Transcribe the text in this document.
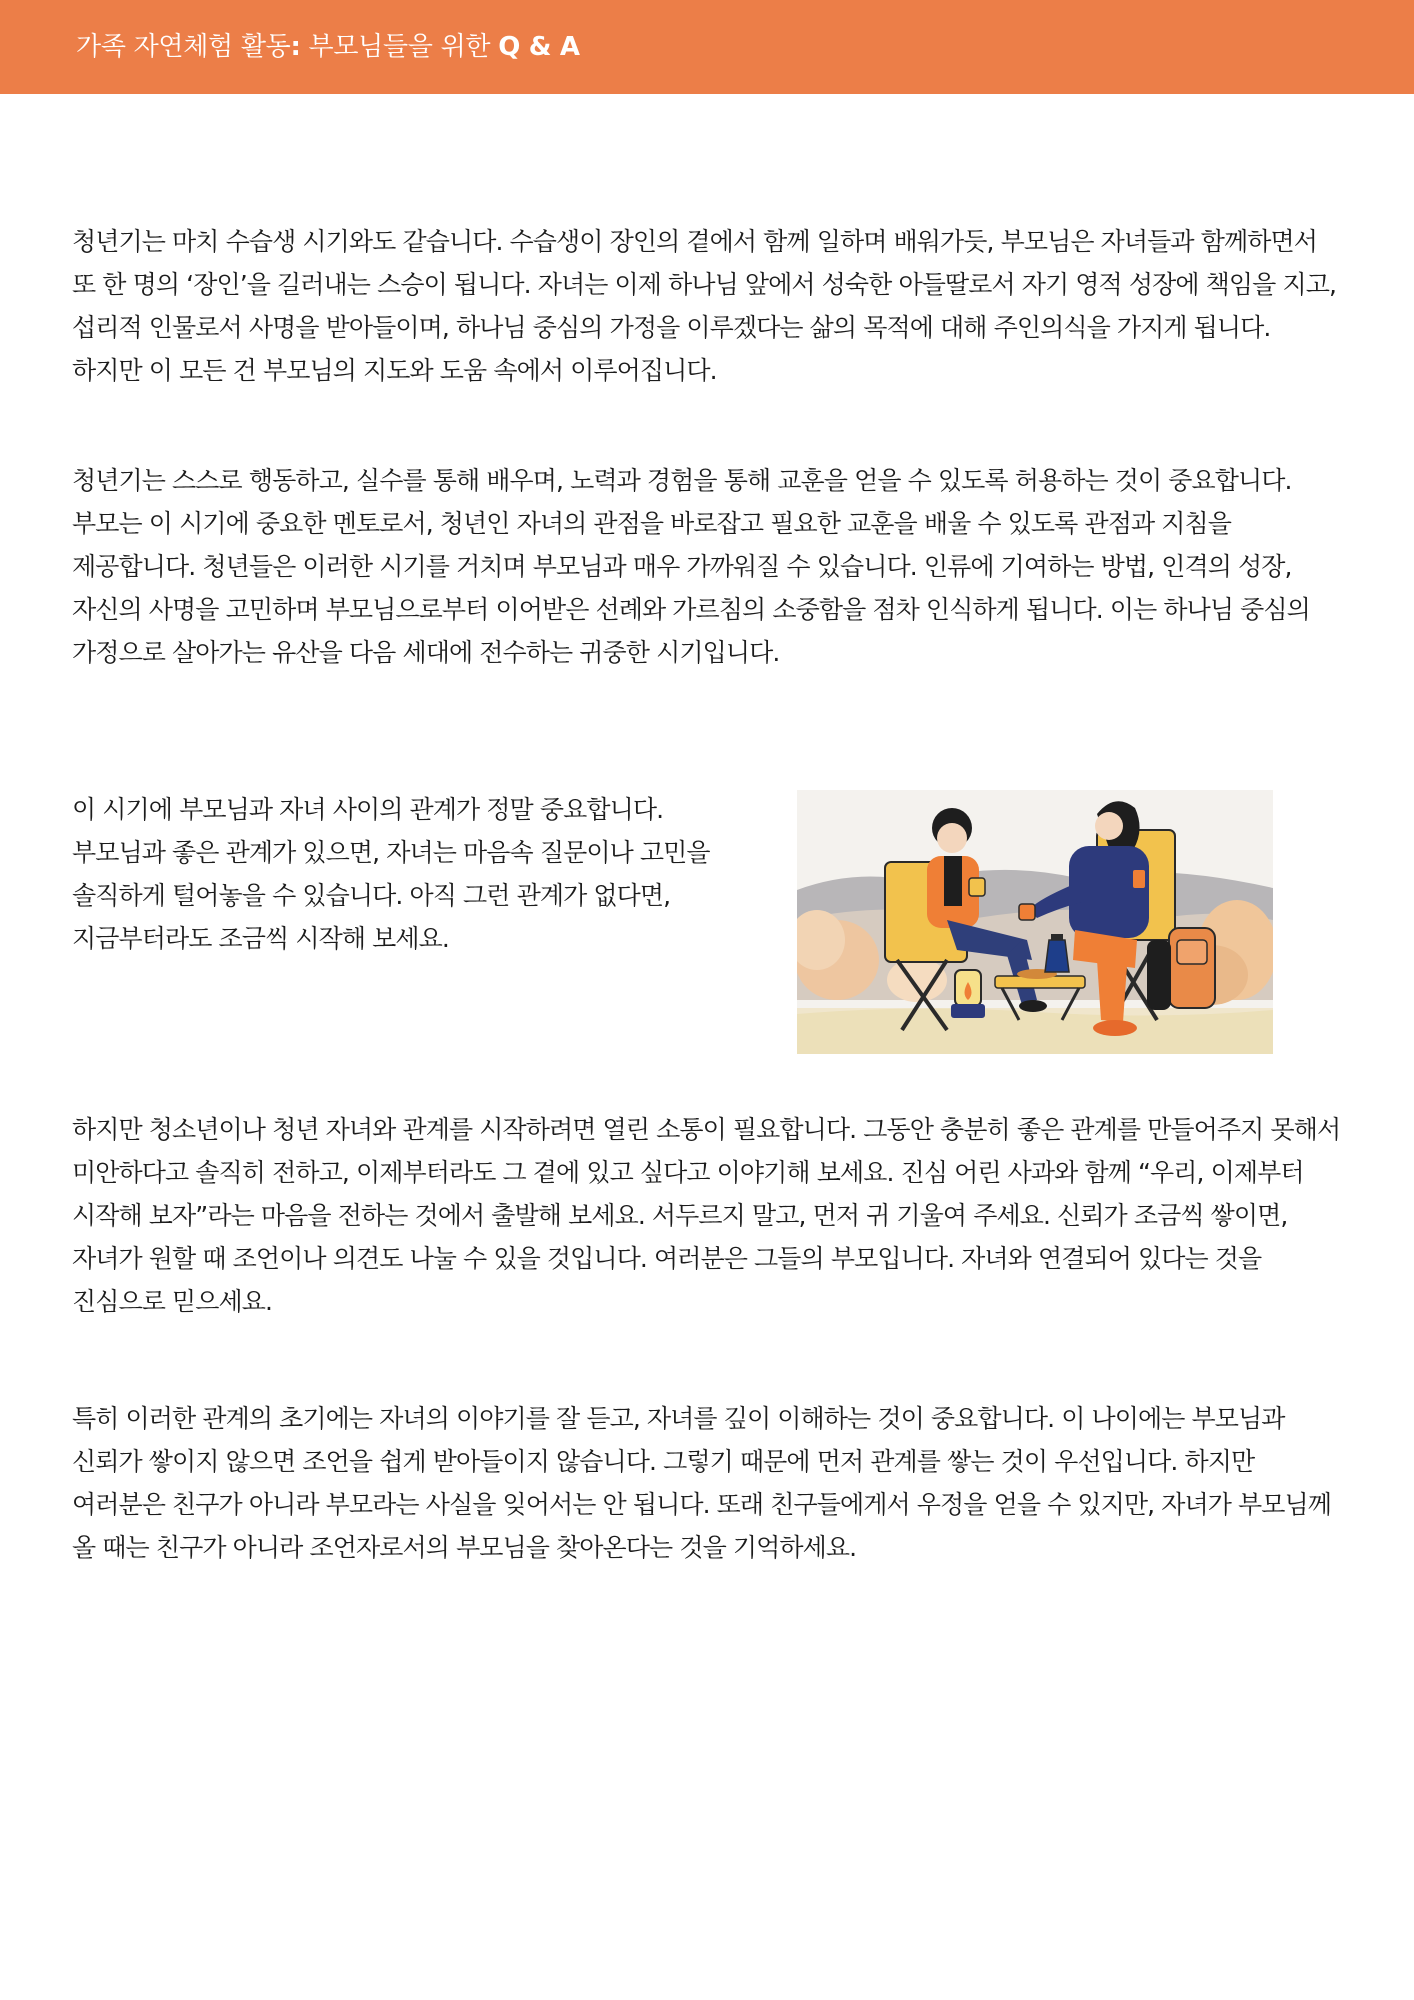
가족 자연체험 활동: 부모님들을 위한 Q & A

청년기는 마치 수습생 시기와도 같습니다. 수습생이 장인의 곁에서 함께 일하며 배워가듯, 부모님은 자녀들과 함께하면서 또 한 명의 ‘장인’을 길러내는 스승이 됩니다. 자녀는 이제 하나님 앞에서 성숙한 아들딸로서 자기 영적 성장에 책임을 지고, 섭리적 인물로서 사명을 받아들이며, 하나님 중심의 가정을 이루겠다는 삶의 목적에 대해 주인의식을 가지게 됩니다. 하지만 이 모든 건 부모님의 지도와 도움 속에서 이루어집니다.

청년기는 스스로 행동하고, 실수를 통해 배우며, 노력과 경험을 통해 교훈을 얻을 수 있도록 허용하는 것이 중요합니다. 부모는 이 시기에 중요한 멘토로서, 청년인 자녀의 관점을 바로잡고 필요한 교훈을 배울 수 있도록 관점과 지침을 제공합니다. 청년들은 이러한 시기를 거치며 부모님과 매우 가까워질 수 있습니다. 인류에 기여하는 방법, 인격의 성장, 자신의 사명을 고민하며 부모님으로부터 이어받은 선례와 가르침의 소중함을 점차 인식하게 됩니다. 이는 하나님 중심의 가정으로 살아가는 유산을 다음 세대에 전수하는 귀중한 시기입니다.

이 시기에 부모님과 자녀 사이의 관계가 정말 중요합니다. 부모님과 좋은 관계가 있으면, 자녀는 마음속 질문이나 고민을 솔직하게 털어놓을 수 있습니다. 아직 그런 관계가 없다면, 지금부터라도 조금씩 시작해 보세요.

하지만 청소년이나 청년 자녀와 관계를 시작하려면 열린 소통이 필요합니다. 그동안 충분히 좋은 관계를 만들어주지 못해서 미안하다고 솔직히 전하고, 이제부터라도 그 곁에 있고 싶다고 이야기해 보세요. 진심 어린 사과와 함께 “우리, 이제부터 시작해 보자”라는 마음을 전하는 것에서 출발해 보세요. 서두르지 말고, 먼저 귀 기울여 주세요. 신뢰가 조금씩 쌓이면, 자녀가 원할 때 조언이나 의견도 나눌 수 있을 것입니다. 여러분은 그들의 부모입니다. 자녀와 연결되어 있다는 것을 진심으로 믿으세요.

특히 이러한 관계의 초기에는 자녀의 이야기를 잘 듣고, 자녀를 깊이 이해하는 것이 중요합니다. 이 나이에는 부모님과 신뢰가 쌓이지 않으면 조언을 쉽게 받아들이지 않습니다. 그렇기 때문에 먼저 관계를 쌓는 것이 우선입니다. 하지만 여러분은 친구가 아니라 부모라는 사실을 잊어서는 안 됩니다. 또래 친구들에게서 우정을 얻을 수 있지만, 자녀가 부모님께 올 때는 친구가 아니라 조언자로서의 부모님을 찾아온다는 것을 기억하세요.
